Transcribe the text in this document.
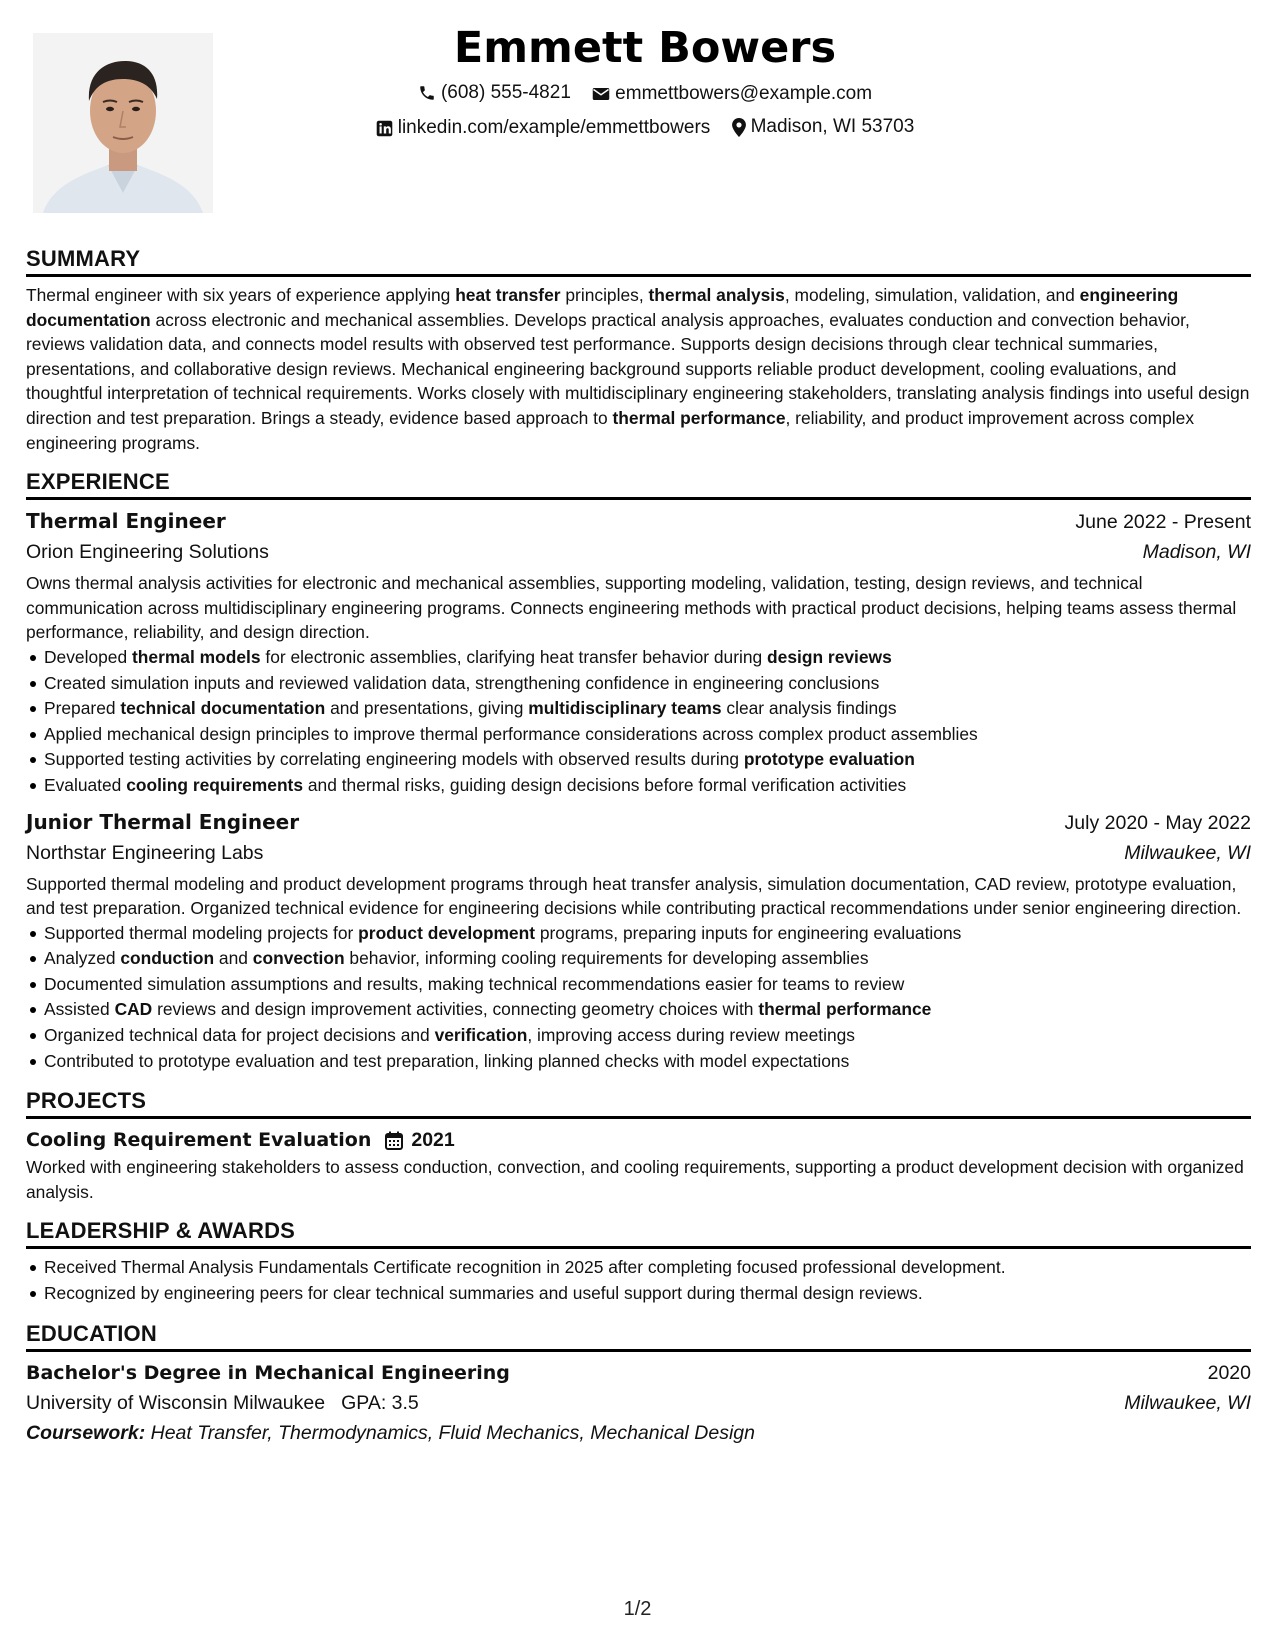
Emmett Bowers
(608) 555-4821
emmettbowers@example.com
linkedin.com/example/emmettbowers
Madison, WI 53703
SUMMARY
Thermal engineer with six years of experience applying heat transfer principles, thermal analysis, modeling, simulation, validation, and engineering documentation across electronic and mechanical assemblies. Develops practical analysis approaches, evaluates conduction and convection behavior, reviews validation data, and connects model results with observed test performance. Supports design decisions through clear technical summaries, presentations, and collaborative design reviews. Mechanical engineering background supports reliable product development, cooling evaluations, and thoughtful interpretation of technical requirements. Works closely with multidisciplinary engineering stakeholders, translating analysis findings into useful design direction and test preparation. Brings a steady, evidence based approach to thermal performance, reliability, and product improvement across complex engineering programs.
EXPERIENCE
Thermal Engineer	June 2022 - Present
Orion Engineering Solutions	Madison, WI
Owns thermal analysis activities for electronic and mechanical assemblies, supporting modeling, validation, testing, design reviews, and technical communication across multidisciplinary engineering programs. Connects engineering methods with practical product decisions, helping teams assess thermal performance, reliability, and design direction.
Developed thermal models for electronic assemblies, clarifying heat transfer behavior during design reviews
Created simulation inputs and reviewed validation data, strengthening confidence in engineering conclusions
Prepared technical documentation and presentations, giving multidisciplinary teams clear analysis findings
Applied mechanical design principles to improve thermal performance considerations across complex product assemblies
Supported testing activities by correlating engineering models with observed results during prototype evaluation
Evaluated cooling requirements and thermal risks, guiding design decisions before formal verification activities
Junior Thermal Engineer	July 2020 - May 2022
Northstar Engineering Labs	Milwaukee, WI
Supported thermal modeling and product development programs through heat transfer analysis, simulation documentation, CAD review, prototype evaluation, and test preparation. Organized technical evidence for engineering decisions while contributing practical recommendations under senior engineering direction.
Supported thermal modeling projects for product development programs, preparing inputs for engineering evaluations
Analyzed conduction and convection behavior, informing cooling requirements for developing assemblies
Documented simulation assumptions and results, making technical recommendations easier for teams to review
Assisted CAD reviews and design improvement activities, connecting geometry choices with thermal performance
Organized technical data for project decisions and verification, improving access during review meetings
Contributed to prototype evaluation and test preparation, linking planned checks with model expectations
PROJECTS
Cooling Requirement Evaluation 2021
Worked with engineering stakeholders to assess conduction, convection, and cooling requirements, supporting a product development decision with organized analysis.
LEADERSHIP & AWARDS
Received Thermal Analysis Fundamentals Certificate recognition in 2025 after completing focused professional development.
Recognized by engineering peers for clear technical summaries and useful support during thermal design reviews.
EDUCATION
Bachelor's Degree in Mechanical Engineering	2020
University of Wisconsin Milwaukee GPA: 3.5	Milwaukee, WI
Coursework: Heat Transfer, Thermodynamics, Fluid Mechanics, Mechanical Design
1/2
